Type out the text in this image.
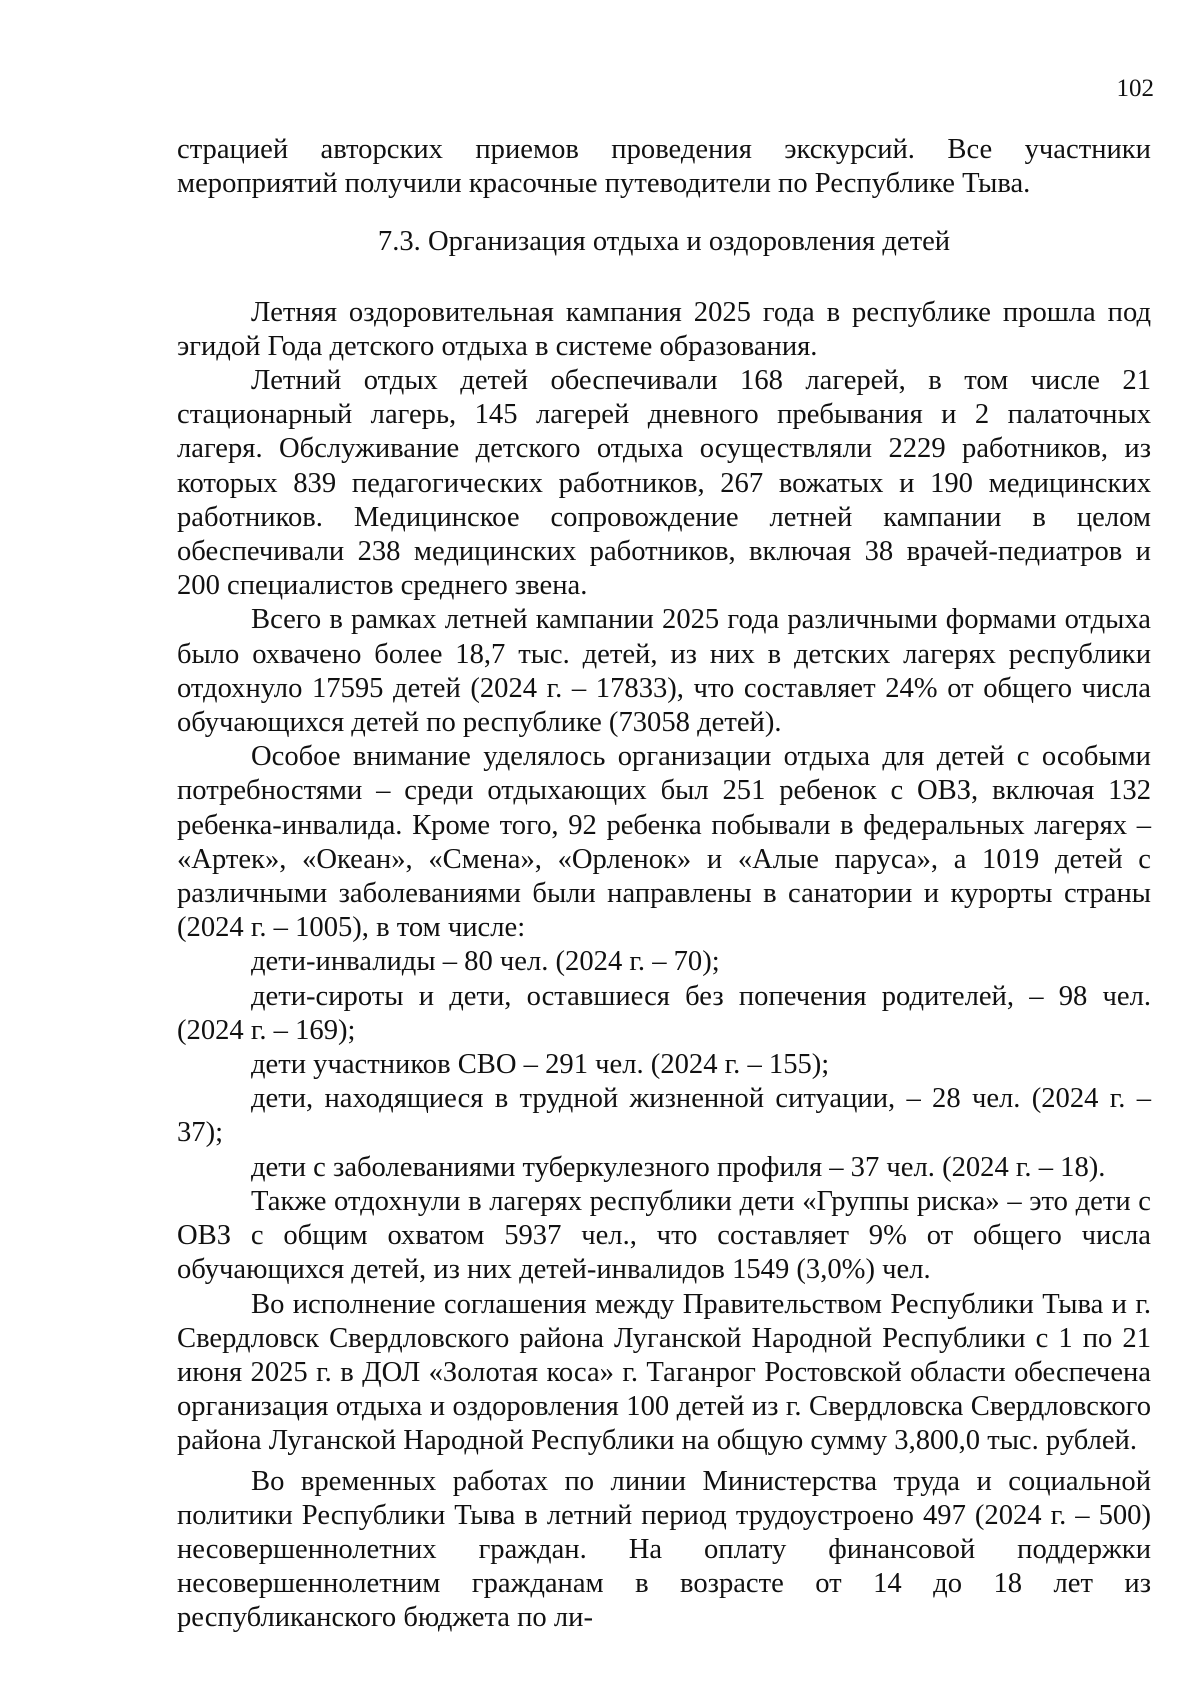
102

страцией авторских приемов проведения экскурсий. Все участники мероприятий получили красочные путеводители по Республике Тыва.

7.3. Организация отдыха и оздоровления детей

Летняя оздоровительная кампания 2025 года в республике прошла под эгидой Года детского отдыха в системе образования.

Летний отдых детей обеспечивали 168 лагерей, в том числе 21 стационарный лагерь, 145 лагерей дневного пребывания и 2 палаточных лагеря. Обслуживание детского отдыха осуществляли 2229 работников, из которых 839 педагогических работников, 267 вожатых и 190 медицинских работников. Медицинское сопровождение летней кампании в целом обеспечивали 238 медицинских работников, включая 38 врачей-педиатров и 200 специалистов среднего звена.

Всего в рамках летней кампании 2025 года различными формами отдыха было охвачено более 18,7 тыс. детей, из них в детских лагерях республики отдохнуло 17595 детей (2024 г. – 17833), что составляет 24% от общего числа обучающихся детей по республике (73058 детей).

Особое внимание уделялось организации отдыха для детей с особыми потребностями – среди отдыхающих был 251 ребенок с ОВЗ, включая 132 ребенка-инвалида. Кроме того, 92 ребенка побывали в федеральных лагерях – «Артек», «Океан», «Смена», «Орленок» и «Алые паруса», а 1019 детей с различными заболеваниями были направлены в санатории и курорты страны (2024 г. – 1005), в том числе:

дети-инвалиды – 80 чел. (2024 г. – 70);

дети-сироты и дети, оставшиеся без попечения родителей, – 98 чел. (2024 г. – 169);

дети участников СВО – 291 чел. (2024 г. – 155);

дети, находящиеся в трудной жизненной ситуации, – 28 чел. (2024 г. – 37);

дети с заболеваниями туберкулезного профиля – 37 чел. (2024 г. – 18).

Также отдохнули в лагерях республики дети «Группы риска» – это дети с ОВЗ с общим охватом 5937 чел., что составляет 9% от общего числа обучающихся детей, из них детей-инвалидов 1549 (3,0%) чел.

Во исполнение соглашения между Правительством Республики Тыва и г. Свердловск Свердловского района Луганской Народной Республики с 1 по 21 июня 2025 г. в ДОЛ «Золотая коса» г. Таганрог Ростовской области обеспечена организация отдыха и оздоровления 100 детей из г. Свердловска Свердловского района Луганской Народной Республики на общую сумму 3,800,0 тыс. рублей.

Во временных работах по линии Министерства труда и социальной политики Республики Тыва в летний период трудоустроено 497 (2024 г. – 500) несовершеннолетних граждан. На оплату финансовой поддержки несовершеннолетним гражданам в возрасте от 14 до 18 лет из республиканского бюджета по ли-
